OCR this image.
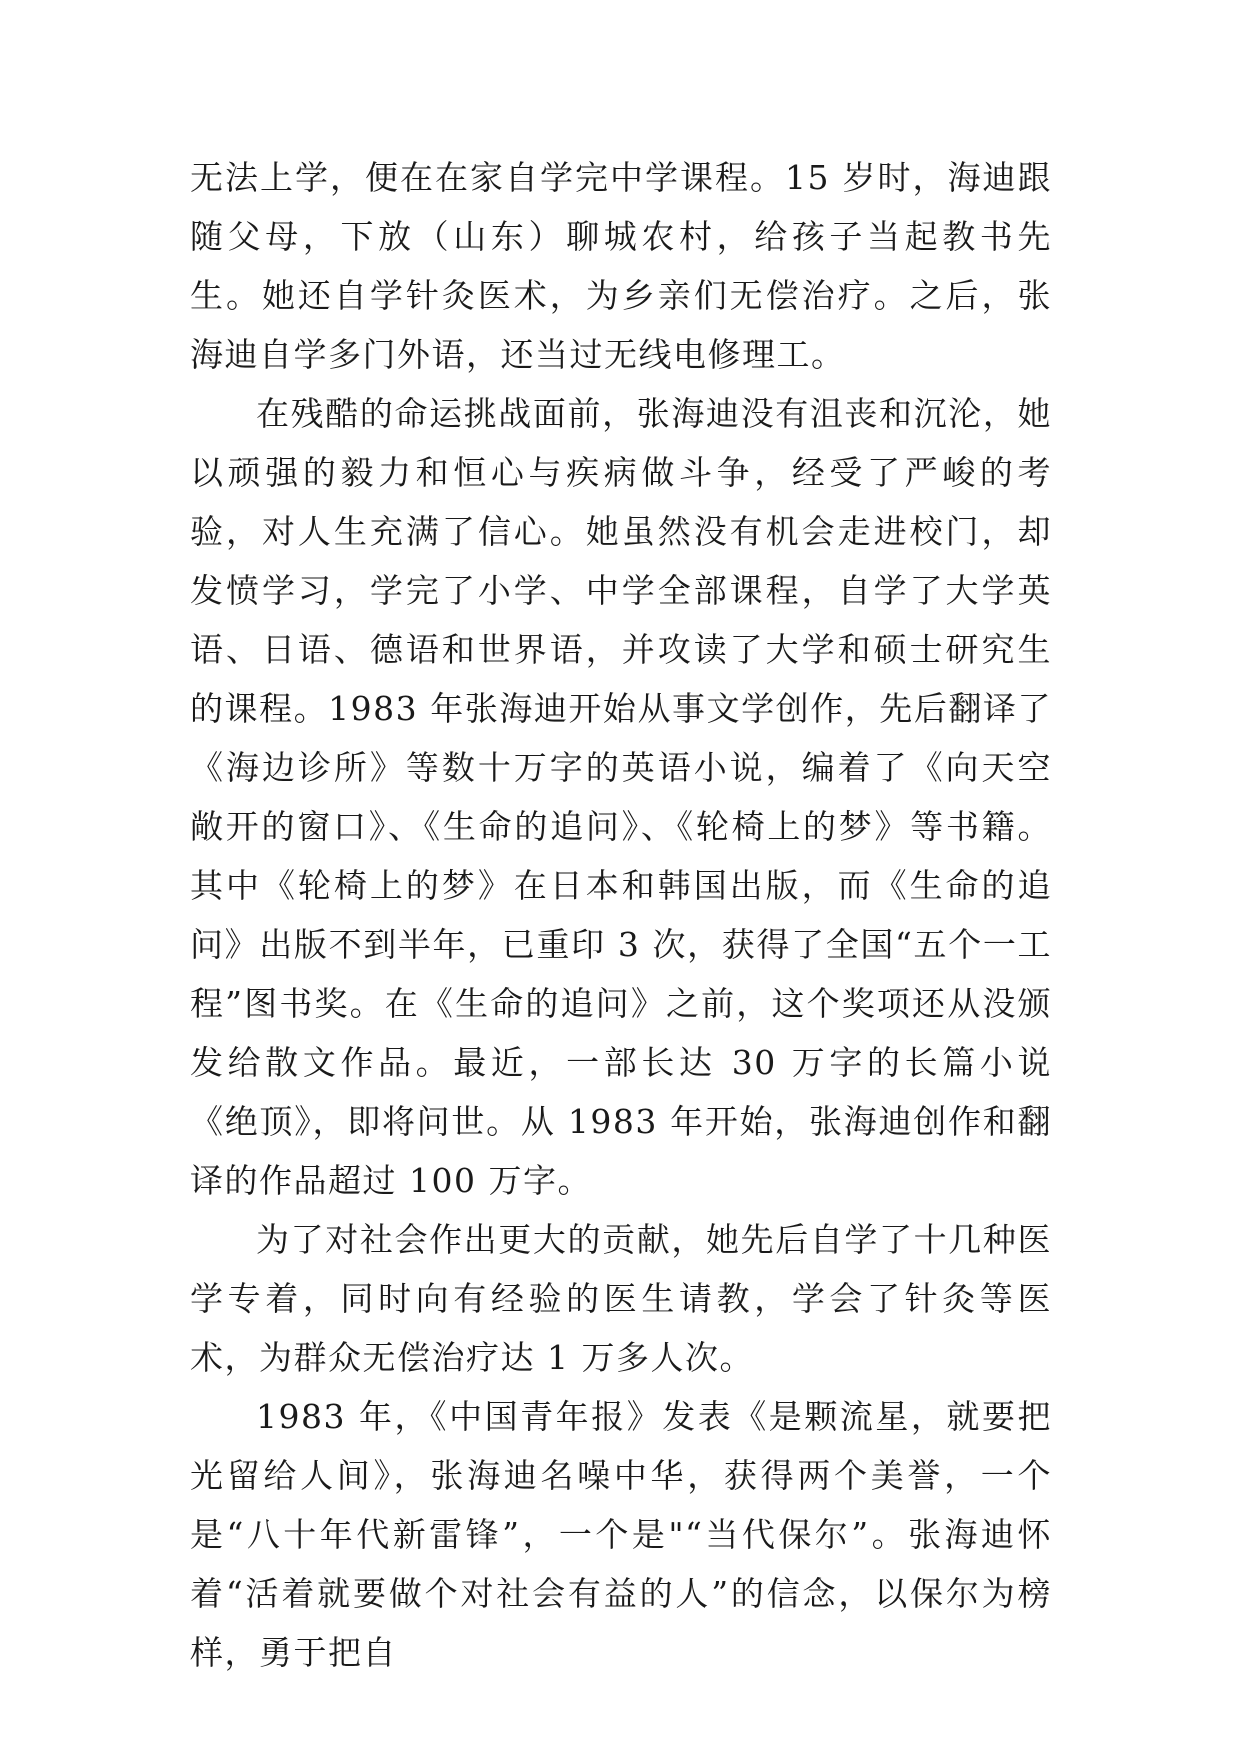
无法上学，便在在家自学完中学课程。15 岁时，海迪跟随父母，下放（山东）聊城农村，给孩子当起教书先生。她还自学针灸医术，为乡亲们无偿治疗。之后，张海迪自学多门外语，还当过无线电修理工。

在残酷的命运挑战面前，张海迪没有沮丧和沉沦，她以顽强的毅力和恒心与疾病做斗争，经受了严峻的考验，对人生充满了信心。她虽然没有机会走进校门，却发愤学习，学完了小学、中学全部课程，自学了大学英语、日语、德语和世界语，并攻读了大学和硕士研究生的课程。1983 年张海迪开始从事文学创作，先后翻译了《海边诊所》等数十万字的英语小说，编着了《向天空敞开的窗口》、《生命的追问》、《轮椅上的梦》等书籍。其中《轮椅上的梦》在日本和韩国出版，而《生命的追问》出版不到半年，已重印 3 次，获得了全国“五个一工程”图书奖。在《生命的追问》之前，这个奖项还从没颁发给散文作品。最近，一部长达 30 万字的长篇小说《绝顶》，即将问世。从 1983 年开始，张海迪创作和翻译的作品超过 100 万字。

为了对社会作出更大的贡献，她先后自学了十几种医学专着，同时向有经验的医生请教，学会了针灸等医术，为群众无偿治疗达 1 万多人次。

1983 年，《中国青年报》发表《是颗流星，就要把光留给人间》，张海迪名噪中华，获得两个美誉，一个是“八十年代新雷锋”，一个是"“当代保尔”。张海迪怀着“活着就要做个对社会有益的人”的信念，以保尔为榜样，勇于把自
